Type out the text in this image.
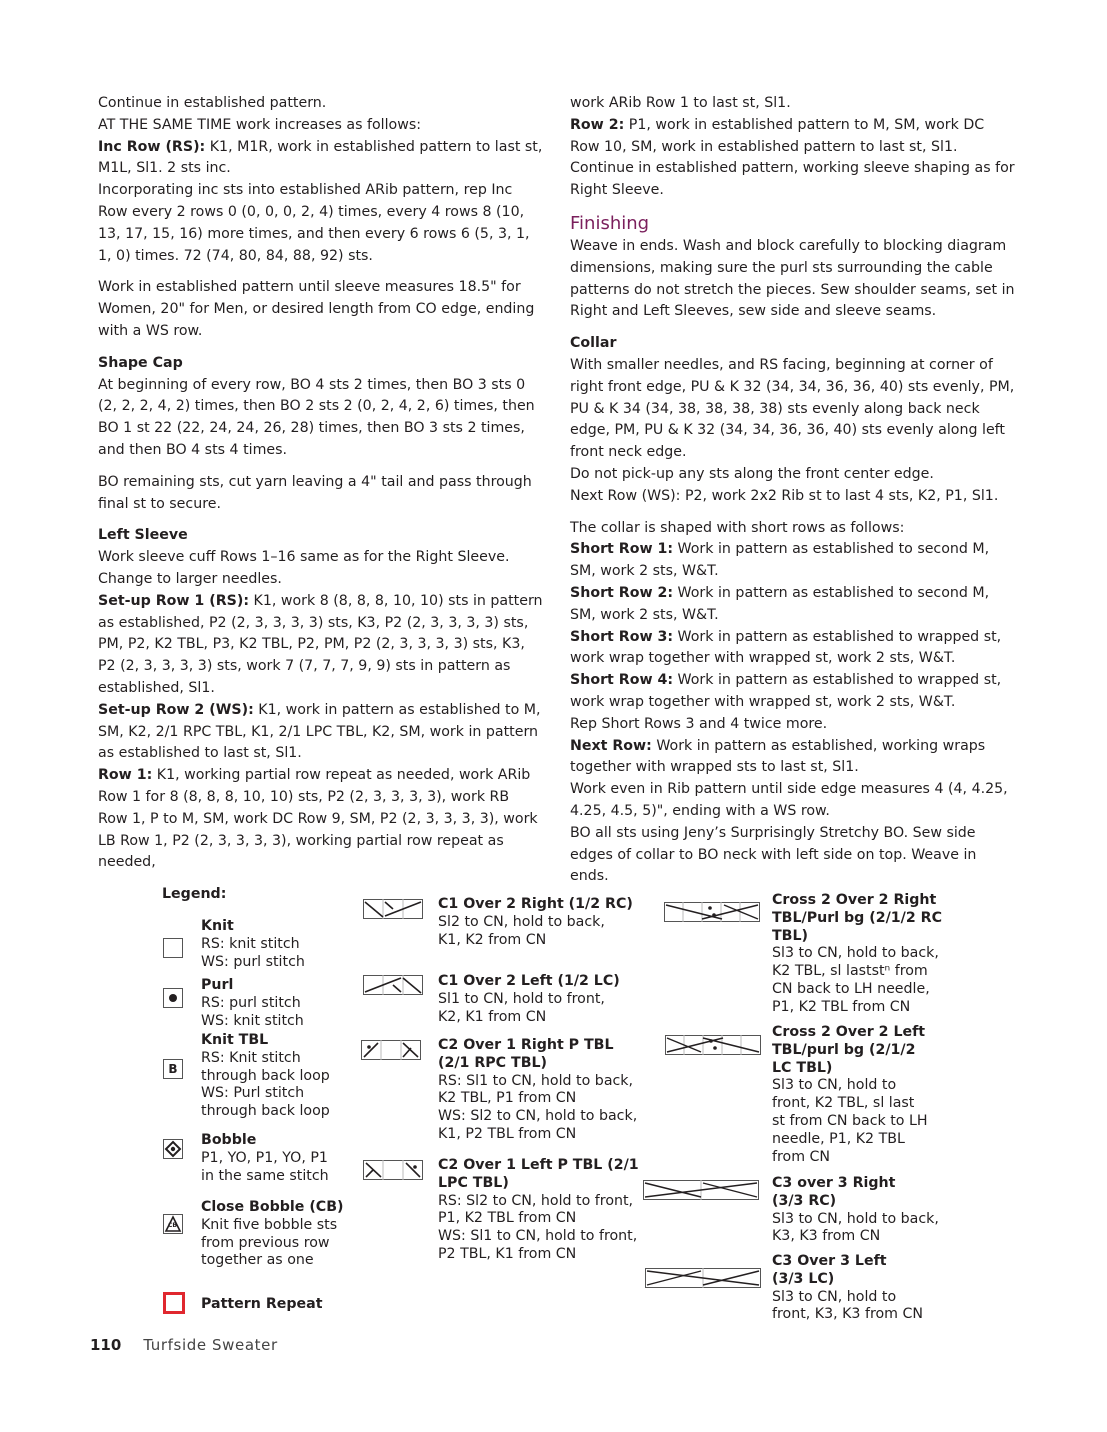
Continue in established pattern.
AT THE SAME TIME work increases as follows:
Inc Row (RS): K1, M1R, work in established pattern to last st, M1L, Sl1. 2 sts inc.
Incorporating inc sts into established ARib pattern, rep Inc Row every 2 rows 0 (0, 0, 0, 2, 4) times, every 4 rows 8 (10, 13, 17, 15, 16) more times, and then every 6 rows 6 (5, 3, 1, 1, 0) times. 72 (74, 80, 84, 88, 92) sts.

Work in established pattern until sleeve measures 18.5" for Women, 20" for Men, or desired length from CO edge, ending with a WS row.

Shape Cap

At beginning of every row, BO 4 sts 2 times, then BO 3 sts 0 (2, 2, 2, 4, 2) times, then BO 2 sts 2 (0, 2, 4, 2, 6) times, then BO 1 st 22 (22, 24, 24, 26, 28) times, then BO 3 sts 2 times, and then BO 4 sts 4 times.

BO remaining sts, cut yarn leaving a 4" tail and pass through final st to secure.

Left Sleeve

Work sleeve cuff Rows 1–16 same as for the Right Sleeve.
Change to larger needles.
Set-up Row 1 (RS): K1, work 8 (8, 8, 8, 10, 10) sts in pattern as established, P2 (2, 3, 3, 3, 3) sts, K3, P2 (2, 3, 3, 3, 3) sts, PM, P2, K2 TBL, P3, K2 TBL, P2, PM, P2 (2, 3, 3, 3, 3) sts, K3, P2 (2, 3, 3, 3, 3) sts, work 7 (7, 7, 7, 9, 9) sts in pattern as established, Sl1.
Set-up Row 2 (WS): K1, work in pattern as established to M, SM, K2, 2/1 RPC TBL, K1, 2/1 LPC TBL, K2, SM, work in pattern as established to last st, Sl1.
Row 1: K1, working partial row repeat as needed, work ARib Row 1 for 8 (8, 8, 8, 10, 10) sts, P2 (2, 3, 3, 3, 3), work RB Row 1, P to M, SM, work DC Row 9, SM, P2 (2, 3, 3, 3, 3), work LB Row 1, P2 (2, 3, 3, 3, 3), working partial row repeat as needed,

work ARib Row 1 to last st, Sl1.
Row 2: P1, work in established pattern to M, SM, work DC Row 10, SM, work in established pattern to last st, Sl1.
Continue in established pattern, working sleeve shaping as for Right Sleeve.

Finishing

Weave in ends. Wash and block carefully to blocking diagram dimensions, making sure the purl sts surrounding the cable patterns do not stretch the pieces. Sew shoulder seams, set in Right and Left Sleeves, sew side and sleeve seams.

Collar

With smaller needles, and RS facing, beginning at corner of right front edge, PU & K 32 (34, 34, 36, 36, 40) sts evenly, PM, PU & K 34 (34, 38, 38, 38, 38) sts evenly along back neck edge, PM, PU & K 32 (34, 34, 36, 36, 40) sts evenly along left front neck edge.
Do not pick-up any sts along the front center edge.
Next Row (WS): P2, work 2x2 Rib st to last 4 sts, K2, P1, Sl1.

The collar is shaped with short rows as follows:
Short Row 1: Work in pattern as established to second M, SM, work 2 sts, W&T.
Short Row 2: Work in pattern as established to second M, SM, work 2 sts, W&T.
Short Row 3: Work in pattern as established to wrapped st, work wrap together with wrapped st, work 2 sts, W&T.
Short Row 4: Work in pattern as established to wrapped st, work wrap together with wrapped st, work 2 sts, W&T.
Rep Short Rows 3 and 4 twice more.
Next Row: Work in pattern as established, working wraps together with wrapped sts to last st, Sl1.
Work even in Rib pattern until side edge measures 4 (4, 4.25, 4.25, 4.5, 5)", ending with a WS row.
BO all sts using Jeny’s Surprisingly Stretchy BO. Sew side edges of collar to BO neck with left side on top. Weave in ends.

Legend:
Knit
RS: knit stitch
WS: purl stitch
Purl
RS: purl stitch
WS: knit stitch
B
Knit TBL
RS: Knit stitch
through back loop
WS: Purl stitch
through back loop
Bobble
P1, YO, P1, YO, P1
in the same stitch
CB
Close Bobble (CB)
Knit five bobble sts
from previous row
together as one
Pattern Repeat
C1 Over 2 Right (1/2 RC)
Sl2 to CN, hold to back,
K1, K2 from CN
C1 Over 2 Left (1/2 LC)
Sl1 to CN, hold to front,
K2, K1 from CN
C2 Over 1 Right P TBL
(2/1 RPC TBL)
RS: Sl1 to CN, hold to back,
K2 TBL, P1 from CN
WS: Sl2 to CN, hold to back,
K1, P2 TBL from CN
C2 Over 1 Left P TBL (2/1
LPC TBL)
RS: Sl2 to CN, hold to front,
P1, K2 TBL from CN
WS: Sl1 to CN, hold to front,
P2 TBL, K1 from CN
Cross 2 Over 2 Right
TBL/Purl bg (2/1/2 RC
TBL)
Sl3 to CN, hold to back,
K2 TBL, sl laststⁿ from
CN back to LH needle,
P1, K2 TBL from CN
Cross 2 Over 2 Left
TBL/purl bg (2/1/2
LC TBL)
Sl3 to CN, hold to
front, K2 TBL, sl last
st from CN back to LH
needle, P1, K2 TBL
from CN
C3 over 3 Right
(3/3 RC)
Sl3 to CN, hold to back,
K3, K3 from CN
C3 Over 3 Left
(3/3 LC)
Sl3 to CN, hold to
front, K3, K3 from CN
110 Turfside Sweater
